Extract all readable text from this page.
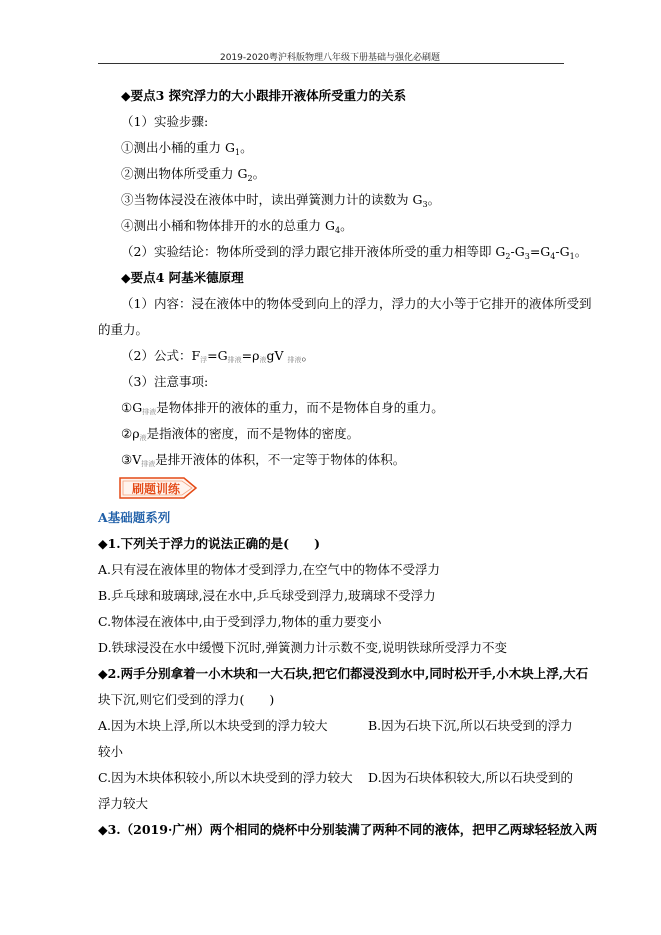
2019-2020粤沪科版物理八年级下册基础与强化必刷题
◆要点3 探究浮力的大小跟排开液体所受重力的关系
（1）实验步骤:
①测出小桶的重力 $G_1$。
②测出物体所受重力 $G_2$。
③当物体浸没在液体中时，读出弹簧测力计的读数为 $G_3$。
④测出小桶和物体排开的水的总重力 $G_4$。
（2）实验结论：物体所受到的浮力跟它排开液体所受的重力相等即 $G_2-G_3=G_4-G_1$。
◆要点4 阿基米德原理
（1）内容：浸在液体中的物体受到向上的浮力，浮力的大小等于它排开的液体所受到
的重力。
（2）公式：F浮=G排液=ρ液gV 排液。
（3）注意事项:
①G排液是物体排开的液体的重力，而不是物体自身的重力。
②ρ液是指液体的密度，而不是物体的密度。
③V排液是排开液体的体积，不一定等于物体的体积。
刷题训练
A基础题系列
◆1.下列关于浮力的说法正确的是(　　)
A.只有浸在液体里的物体才受到浮力,在空气中的物体不受浮力
B.乒乓球和玻璃球,浸在水中,乒乓球受到浮力,玻璃球不受浮力
C.物体浸在液体中,由于受到浮力,物体的重力要变小
D.铁球浸没在水中缓慢下沉时,弹簧测力计示数不变,说明铁球所受浮力不变
◆2.两手分别拿着一小木块和一大石块,把它们都浸没到水中,同时松开手,小木块上浮,大石
块下沉,则它们受到的浮力(　　)
A.因为木块上浮,所以木块受到的浮力较大	B.因为石块下沉,所以石块受到的浮力
较小
C.因为木块体积较小,所以木块受到的浮力较大 D.因为石块体积较大,所以石块受到的
浮力较大
◆3.（2019·广州）两个相同的烧杯中分别装满了两种不同的液体，把甲乙两球轻轻放入两
